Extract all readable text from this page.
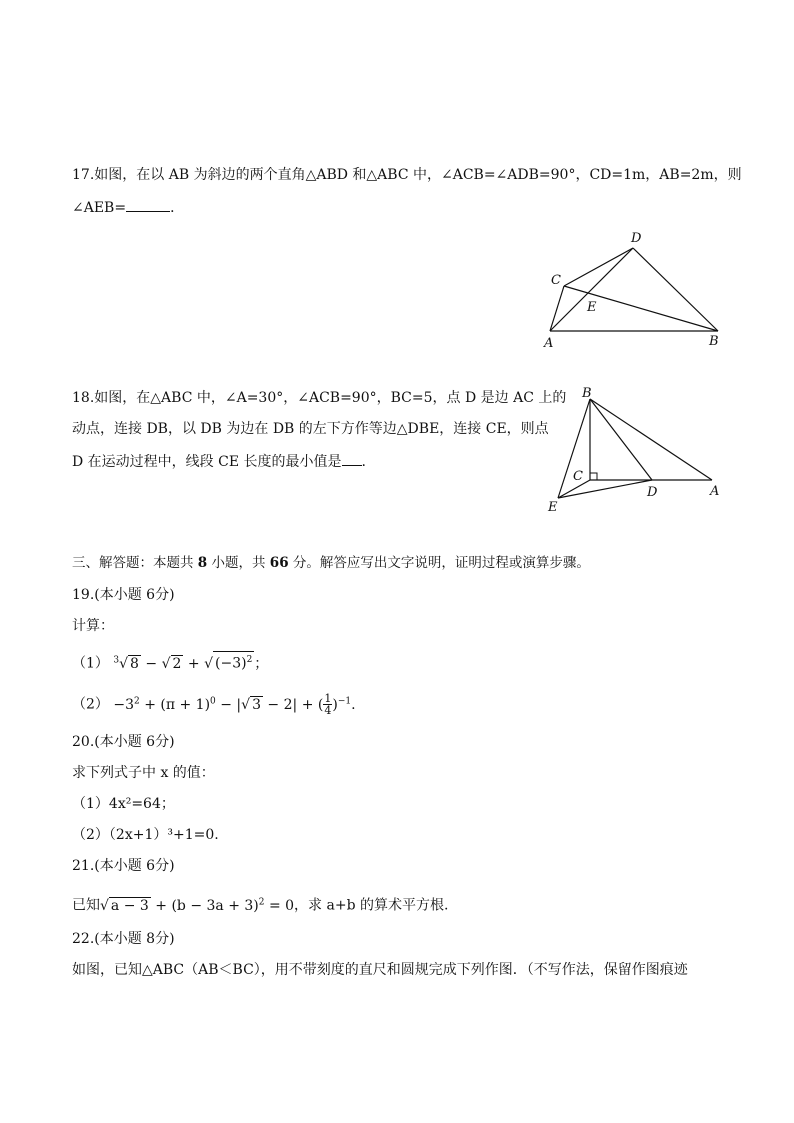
17.如图，在以 AB 为斜边的两个直角△ABD 和△ABC 中，∠ACB=∠ADB=90°，CD=1m，AB=2m，则
∠AEB=	．
A	B
C
D
E
18.如图，在△ABC 中，∠A=30°，∠ACB=90°，BC=5，点 D 是边 AC 上的
动点，连接 DB，以 DB 为边在 DB 的左下方作等边△DBE，连接 CE，则点
D 在运动过程中，线段 CE 长度的最小值是 .
B
C
D	A
E
三、解答题：本题共 8 小题，共 66 分。解答应写出文字说明，证明过程或演算步骤。
19.(本小题 6分)
计算：
（1） $^3$√ 8 − √ 2 + √ $(-3)^2$ ；
$(2) -3^2 + (\pi + 1)^0$ − |√ 3 − 2| + ( $\frac{1}{4} )^{-1}$.
20.(本小题 6分)
求下列式子中 x 的值：
（1）4x²=64；
（2）（2x+1）³+1=0.
21.(本小题 6分)
已知√ $a - 3 + (b - 3a + 3)^2 = 0$，求 a+b 的算术平方根.
22.(本小题 8分)
如图，已知△ABC（AB＜BC），用不带刻度的直尺和圆规完成下列作图．（不写作法，保留作图痕迹
